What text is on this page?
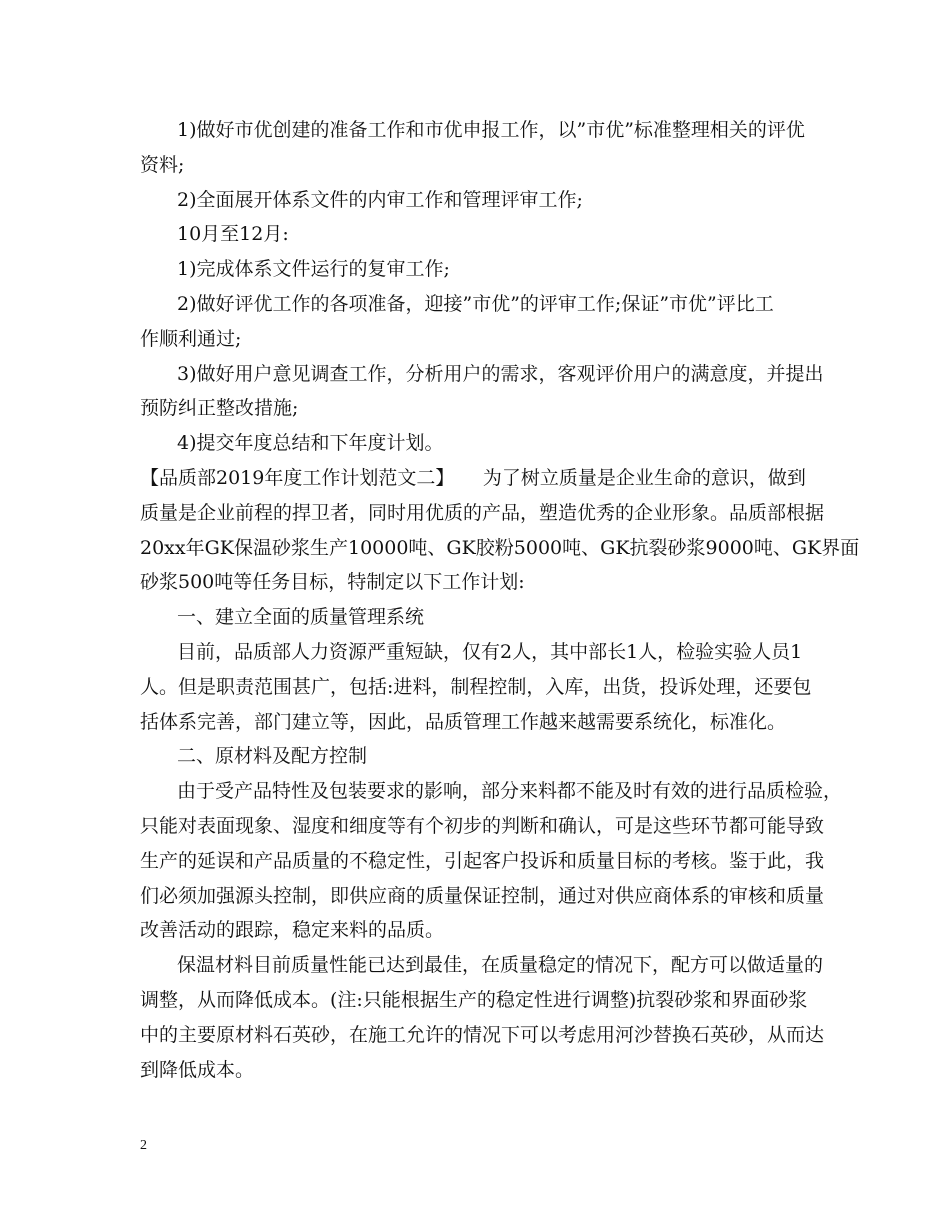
1)做好市优创建的准备工作和市优申报工作，以”市优”标准整理相关的评优

资料;

2)全面展开体系文件的内审工作和管理评审工作;

10月至12月:

1)完成体系文件运行的复审工作;

2)做好评优工作的各项准备，迎接”市优”的评审工作;保证”市优”评比工

作顺利通过;

3)做好用户意见调查工作，分析用户的需求，客观评价用户的满意度，并提出

预防纠正整改措施;

4)提交年度总结和下年度计划。

【品质部2019年度工作计划范文二】　　为了树立质量是企业生命的意识，做到

质量是企业前程的捍卫者，同时用优质的产品，塑造优秀的企业形象。品质部根据

20xx年GK保温砂浆生产10000吨、GK胶粉5000吨、GK抗裂砂浆9000吨、GK界面

砂浆500吨等任务目标，特制定以下工作计划:

一、建立全面的质量管理系统

目前，品质部人力资源严重短缺，仅有2人，其中部长1人，检验实验人员1

人。但是职责范围甚广，包括:进料，制程控制，入库，出货，投诉处理，还要包

括体系完善，部门建立等，因此，品质管理工作越来越需要系统化，标准化。

二、原材料及配方控制

由于受产品特性及包装要求的影响，部分来料都不能及时有效的进行品质检验，

只能对表面现象、湿度和细度等有个初步的判断和确认，可是这些环节都可能导致

生产的延误和产品质量的不稳定性，引起客户投诉和质量目标的考核。鉴于此，我

们必须加强源头控制，即供应商的质量保证控制，通过对供应商体系的审核和质量

改善活动的跟踪，稳定来料的品质。

保温材料目前质量性能已达到最佳，在质量稳定的情况下，配方可以做适量的

调整，从而降低成本。(注:只能根据生产的稳定性进行调整)抗裂砂浆和界面砂浆

中的主要原材料石英砂，在施工允许的情况下可以考虑用河沙替换石英砂，从而达

到降低成本。

2
